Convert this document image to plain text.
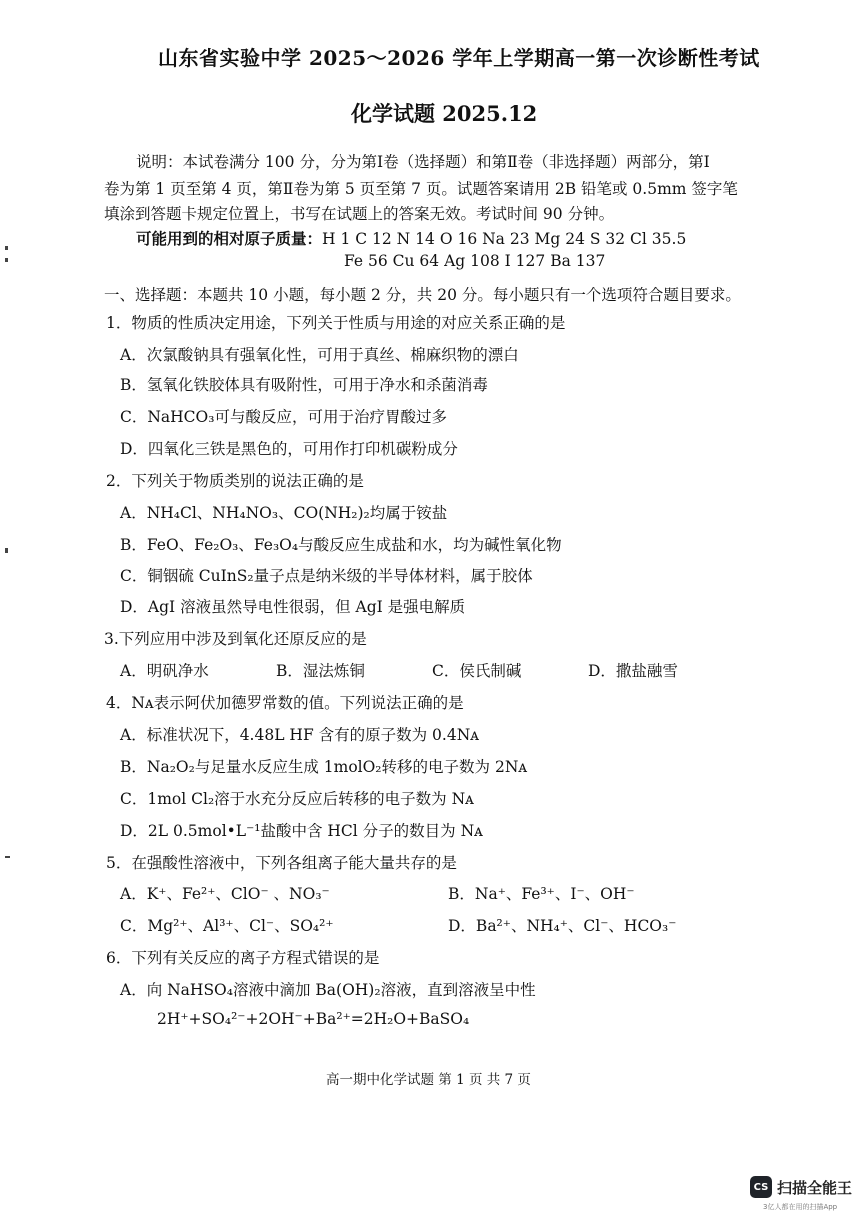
山东省实验中学 2025～2026 学年上学期高一第一次诊断性考试
化学试题 2025.12
说明：本试卷满分 100 分，分为第Ⅰ卷（选择题）和第Ⅱ卷（非选择题）两部分，第Ⅰ
卷为第 1 页至第 4 页，第Ⅱ卷为第 5 页至第 7 页。试题答案请用 2B 铅笔或 0.5mm 签字笔
填涂到答题卡规定位置上，书写在试题上的答案无效。考试时间 90 分钟。
可能用到的相对原子质量：H 1 C 12 N 14 O 16 Na 23 Mg 24 S 32 Cl 35.5
Fe 56 Cu 64 Ag 108 I 127 Ba 137
一、选择题：本题共 10 小题，每小题 2 分，共 20 分。每小题只有一个选项符合题目要求。
1．物质的性质决定用途，下列关于性质与用途的对应关系正确的是
A．次氯酸钠具有强氧化性，可用于真丝、棉麻织物的漂白
B．氢氧化铁胶体具有吸附性，可用于净水和杀菌消毒
C．NaHCO₃可与酸反应，可用于治疗胃酸过多
D．四氧化三铁是黑色的，可用作打印机碳粉成分
2．下列关于物质类别的说法正确的是
A．NH₄Cl、NH₄NO₃、CO(NH₂)₂均属于铵盐
B．FeO、Fe₂O₃、Fe₃O₄与酸反应生成盐和水，均为碱性氧化物
C．铜铟硫 CuInS₂量子点是纳米级的半导体材料，属于胶体
D．AgI 溶液虽然导电性很弱，但 AgI 是强电解质
3.下列应用中涉及到氧化还原反应的是
A．明矾净水	B．湿法炼铜	C．侯氏制碱	D．撒盐融雪
4．Nᴀ表示阿伏加德罗常数的值。下列说法正确的是
A．标准状况下，4.48L HF 含有的原子数为 0.4Nᴀ
B．Na₂O₂与足量水反应生成 1molO₂转移的电子数为 2Nᴀ
C．1mol Cl₂溶于水充分反应后转移的电子数为 Nᴀ
D．2L 0.5mol•L⁻¹盐酸中含 HCl 分子的数目为 Nᴀ
5．在强酸性溶液中，下列各组离子能大量共存的是
A．K⁺、Fe²⁺、ClO⁻ 、NO₃⁻	B．Na⁺、Fe³⁺、I⁻、OH⁻
C．Mg²⁺、Al³⁺、Cl⁻、SO₄²⁺	D．Ba²⁺、NH₄⁺、Cl⁻、HCO₃⁻
6．下列有关反应的离子方程式错误的是
A．向 NaHSO₄溶液中滴加 Ba(OH)₂溶液，直到溶液呈中性
2H⁺+SO₄²⁻+2OH⁻+Ba²⁺=2H₂O+BaSO₄
高一期中化学试题 第 1 页 共 7 页
CS 扫描全能王
3亿人都在用的扫描App
